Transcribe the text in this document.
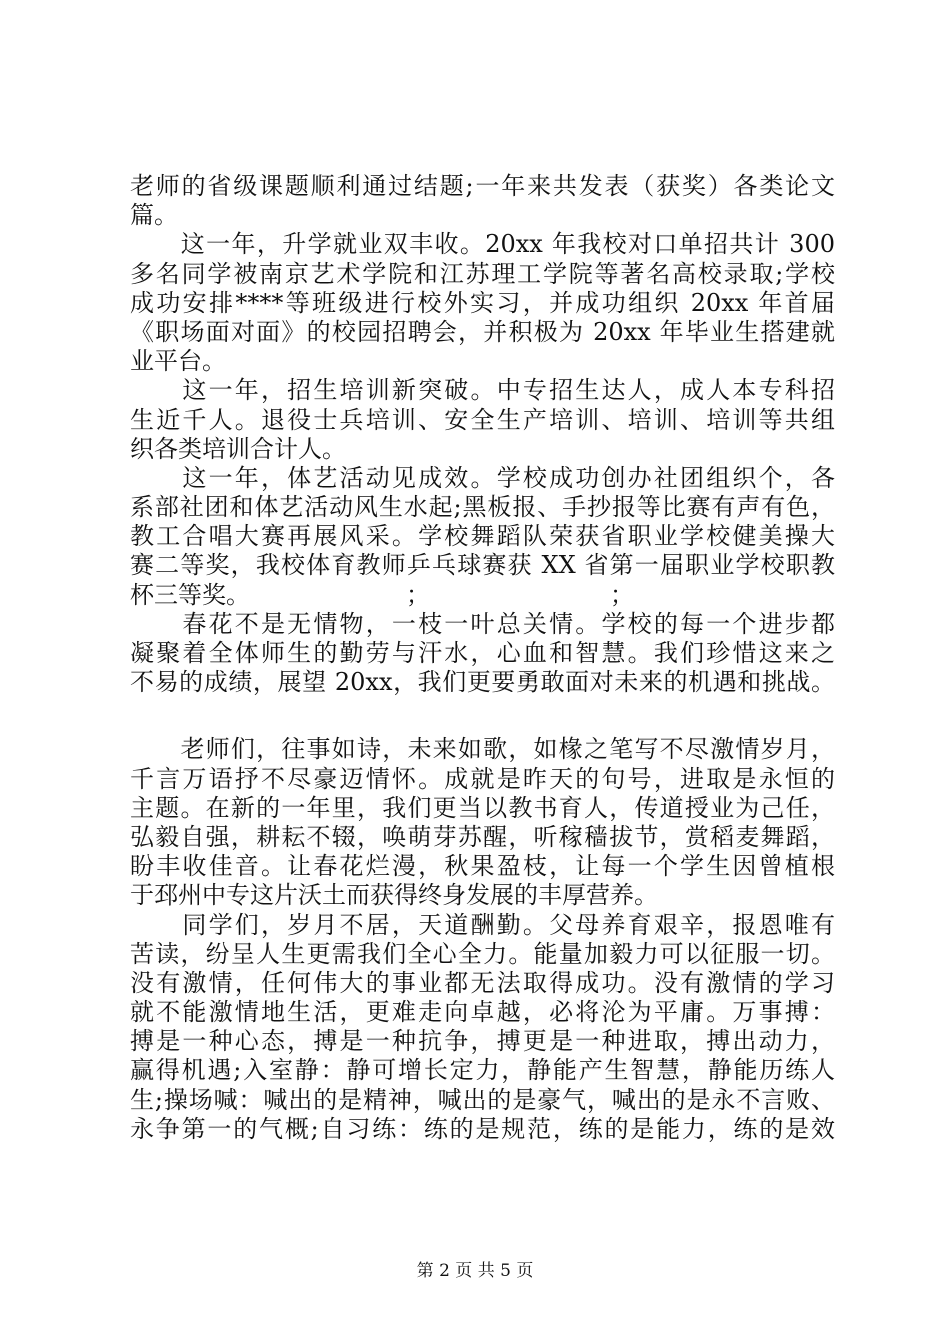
老师的省级课题顺利通过结题;一年来共发表（获奖）各类论文
篇。
　　这一年，升学就业双丰收。20xx 年我校对口单招共计 300
多名同学被南京艺术学院和江苏理工学院等著名高校录取;学校
成功安排****等班级进行校外实习，并成功组织 20xx 年首届
《职场面对面》的校园招聘会，并积极为 20xx 年毕业生搭建就
业平台。
　　这一年，招生培训新突破。中专招生达人，成人本专科招
生近千人。退役士兵培训、安全生产培训、培训、培训等共组
织各类培训合计人。
　　这一年，体艺活动见成效。学校成功创办社团组织个，各
系部社团和体艺活动风生水起;黑板报、手抄报等比赛有声有色，
教工合唱大赛再展风采。学校舞蹈队荣获省职业学校健美操大
赛二等奖，我校体育教师乒乓球赛获 XX 省第一届职业学校职教
杯三等奖。　　　　　　　；　　　　　　　　；
　　春花不是无情物，一枝一叶总关情。学校的每一个进步都
凝聚着全体师生的勤劳与汗水，心血和智慧。我们珍惜这来之
不易的成绩，展望 20xx，我们更要勇敢面对未来的机遇和挑战。
　　老师们，往事如诗，未来如歌，如椽之笔写不尽激情岁月，
千言万语抒不尽豪迈情怀。成就是昨天的句号，进取是永恒的
主题。在新的一年里，我们更当以教书育人，传道授业为己任，
弘毅自强，耕耘不辍，唤萌芽苏醒，听稼穑拔节，赏稻麦舞蹈，
盼丰收佳音。让春花烂漫，秋果盈枝，让每一个学生因曾植根
于邳州中专这片沃土而获得终身发展的丰厚营养。
　　同学们，岁月不居，天道酬勤。父母养育艰辛，报恩唯有
苦读，纷呈人生更需我们全心全力。能量加毅力可以征服一切。
没有激情，任何伟大的事业都无法取得成功。没有激情的学习
就不能激情地生活，更难走向卓越，必将沦为平庸。万事搏：
搏是一种心态，搏是一种抗争，搏更是一种进取，搏出动力，
赢得机遇;入室静：静可增长定力，静能产生智慧，静能历练人
生;操场喊：喊出的是精神，喊出的是豪气，喊出的是永不言败、
永争第一的气概;自习练：练的是规范，练的是能力，练的是效
第 2 页 共 5 页
